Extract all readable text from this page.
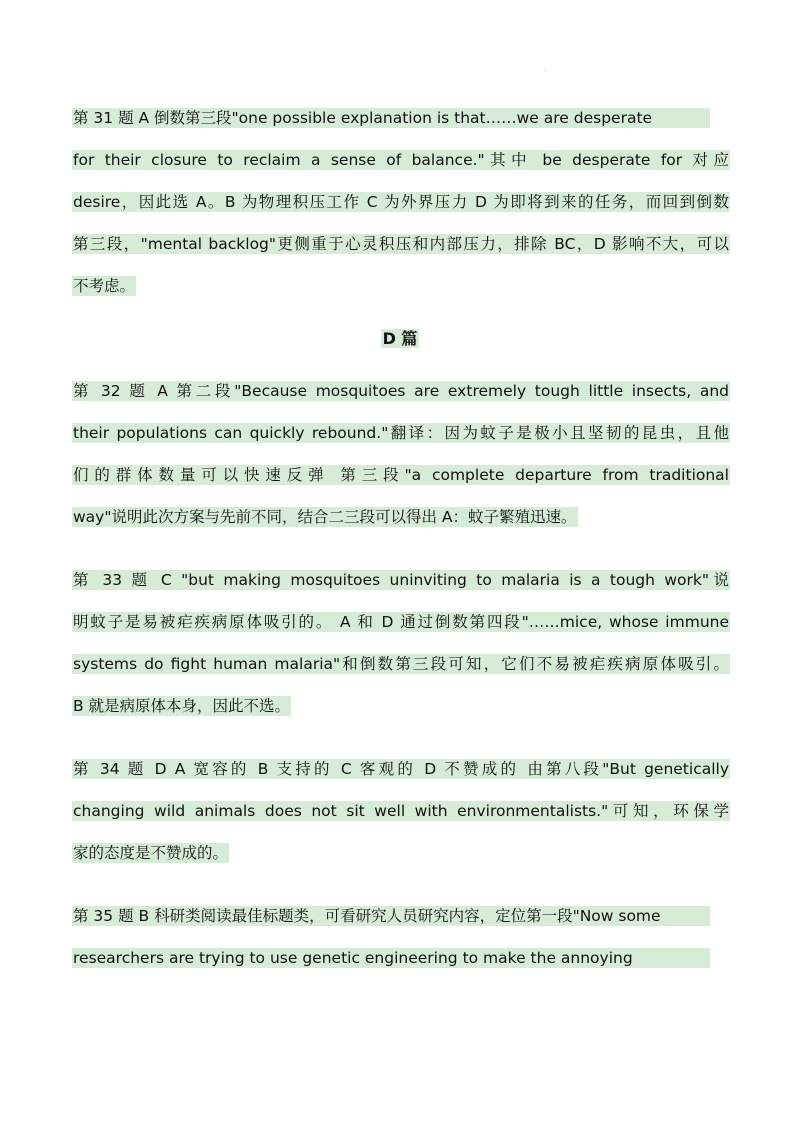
.
第 31 题 A 倒数第三段"one possible explanation is that……we are desperate
for their closure to reclaim a sense of balance."其中 be desperate for 对应
desire，因此选 A。B 为物理积压工作 C 为外界压力 D 为即将到来的任务，而回到倒数
第三段，"mental backlog"更侧重于心灵积压和内部压力，排除 BC，D 影响不大，可以
不考虑。
D 篇
第 32 题 A 第二段"Because mosquitoes are extremely tough little insects, and
their populations can quickly rebound."翻译：因为蚊子是极小且坚韧的昆虫，且他
们的群体数量可以快速反弹 第三段"a complete departure from traditional
way"说明此次方案与先前不同，结合二三段可以得出 A：蚊子繁殖迅速。
第 33 题 C "but making mosquitoes uninviting to malaria is a tough work"说
明蚊子是易被疟疾病原体吸引的。 A 和 D 通过倒数第四段"……mice, whose immune
systems do fight human malaria"和倒数第三段可知，它们不易被疟疾病原体吸引。
B 就是病原体本身，因此不选。
第 34 题 D A 宽容的 B 支持的 C 客观的 D 不赞成的 由第八段"But genetically
changing wild animals does not sit well with environmentalists."可知，环保学
家的态度是不赞成的。
第 35 题 B 科研类阅读最佳标题类，可看研究人员研究内容，定位第一段"Now some
researchers are trying to use genetic engineering to make the annoying
